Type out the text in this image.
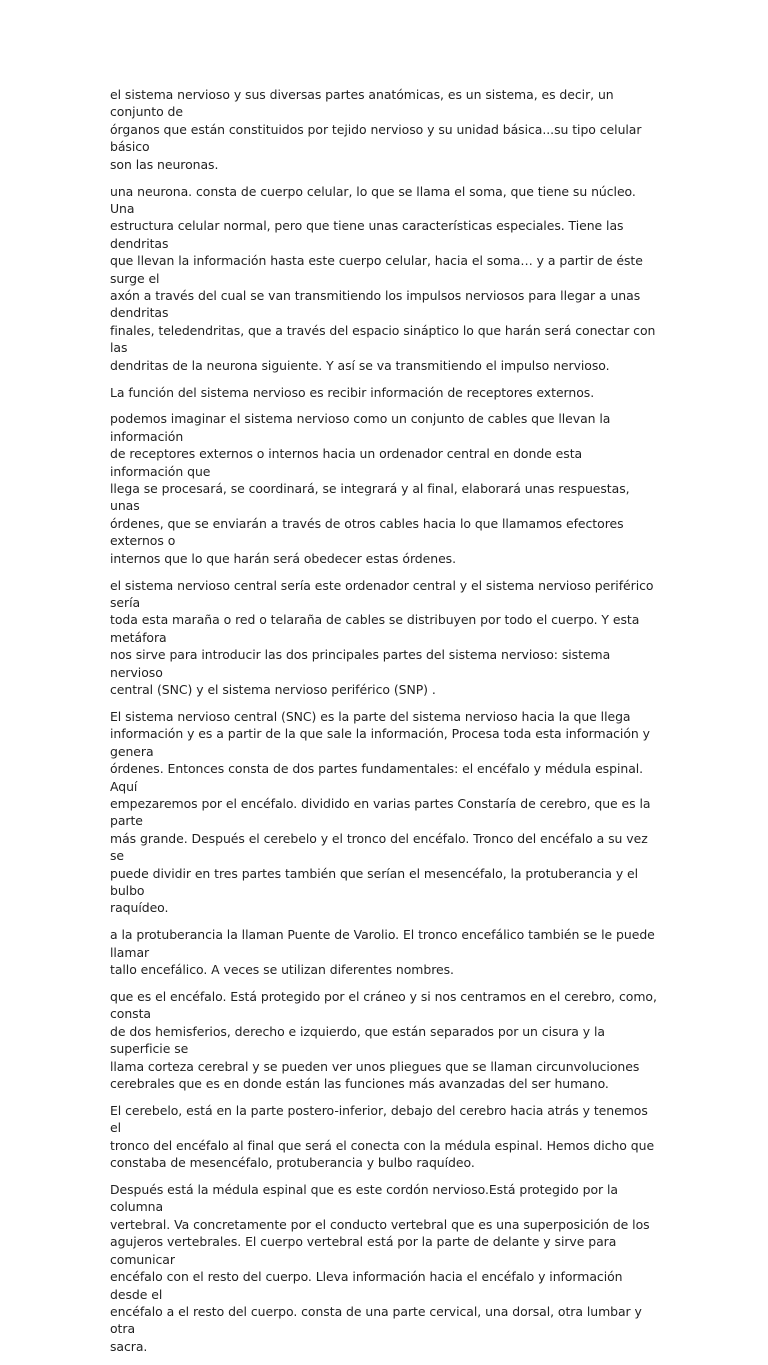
el sistema nervioso y sus diversas partes anatómicas, es un sistema, es decir, un conjunto de
órganos que están constituidos por tejido nervioso y su unidad básica...su tipo celular básico
son las neuronas.

una neurona. consta de cuerpo celular, lo que se llama el soma, que tiene su núcleo. Una
estructura celular normal, pero que tiene unas características especiales. Tiene las dendritas
que llevan la información hasta este cuerpo celular, hacia el soma… y a partir de éste surge el
axón a través del cual se van transmitiendo los impulsos nerviosos para llegar a unas dendritas
finales, teledendritas, que a través del espacio sináptico lo que harán será conectar con las
dendritas de la neurona siguiente. Y así se va transmitiendo el impulso nervioso.

La función del sistema nervioso es recibir información de receptores externos.

podemos imaginar el sistema nervioso como un conjunto de cables que llevan la información
de receptores externos o internos hacia un ordenador central en donde esta información que
llega se procesará, se coordinará, se integrará y al final, elaborará unas respuestas, unas
órdenes, que se enviarán a través de otros cables hacia lo que llamamos efectores externos o
internos que lo que harán será obedecer estas órdenes.

el sistema nervioso central sería este ordenador central y el sistema nervioso periférico sería
toda esta maraña o red o telaraña de cables se distribuyen por todo el cuerpo. Y esta metáfora
nos sirve para introducir las dos principales partes del sistema nervioso: sistema nervioso
central (SNC) y el sistema nervioso periférico (SNP) .

El sistema nervioso central (SNC) es la parte del sistema nervioso hacia la que llega
información y es a partir de la que sale la información, Procesa toda esta información y genera
órdenes. Entonces consta de dos partes fundamentales: el encéfalo y médula espinal. Aquí
empezaremos por el encéfalo. dividido en varias partes Constaría de cerebro, que es la parte
más grande. Después el cerebelo y el tronco del encéfalo. Tronco del encéfalo a su vez se
puede dividir en tres partes también que serían el mesencéfalo, la protuberancia y el bulbo
raquídeo.

a la protuberancia la llaman Puente de Varolio. El tronco encefálico también se le puede llamar
tallo encefálico. A veces se utilizan diferentes nombres.

que es el encéfalo. Está protegido por el cráneo y si nos centramos en el cerebro, como, consta
de dos hemisferios, derecho e izquierdo, que están separados por un cisura y la superficie se
llama corteza cerebral y se pueden ver unos pliegues que se llaman circunvoluciones
cerebrales que es en donde están las funciones más avanzadas del ser humano.

El cerebelo, está en la parte postero-inferior, debajo del cerebro hacia atrás y tenemos el
tronco del encéfalo al final que será el conecta con la médula espinal. Hemos dicho que
constaba de mesencéfalo, protuberancia y bulbo raquídeo.

Después está la médula espinal que es este cordón nervioso.Está protegido por la columna
vertebral. Va concretamente por el conducto vertebral que es una superposición de los
agujeros vertebrales. El cuerpo vertebral está por la parte de delante y sirve para comunicar
encéfalo con el resto del cuerpo. Lleva información hacia el encéfalo y información desde el
encéfalo a el resto del cuerpo. consta de una parte cervical, una dorsal, otra lumbar y otra
sacra.
